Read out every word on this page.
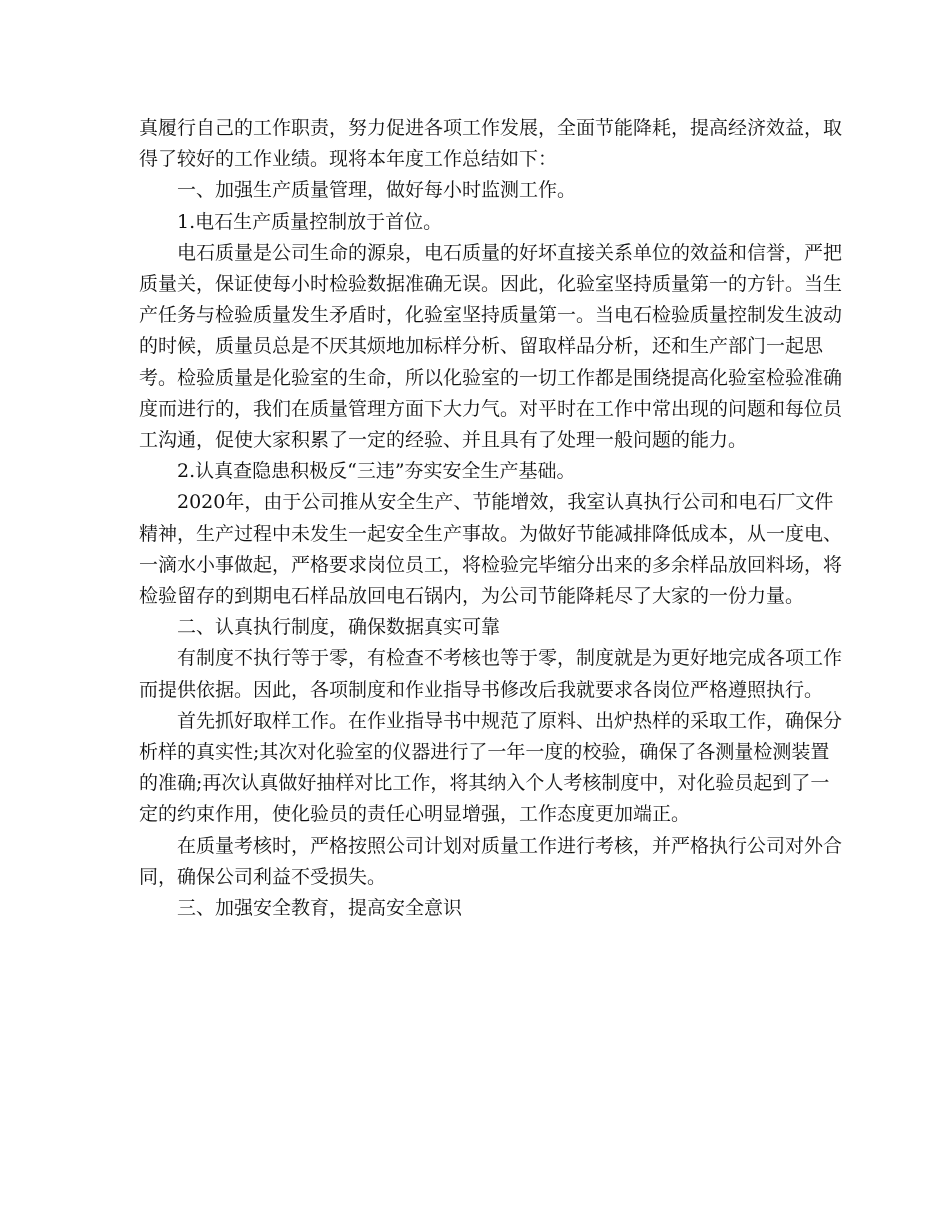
真履行自己的工作职责，努力促进各项工作发展，全面节能降耗，提高经济效益，取得了较好的工作业绩。现将本年度工作总结如下：

一、加强生产质量管理，做好每小时监测工作。

1.电石生产质量控制放于首位。

电石质量是公司生命的源泉，电石质量的好坏直接关系单位的效益和信誉，严把质量关，保证使每小时检验数据准确无误。因此，化验室坚持质量第一的方针。当生产任务与检验质量发生矛盾时，化验室坚持质量第一。当电石检验质量控制发生波动的时候，质量员总是不厌其烦地加标样分析、留取样品分析，还和生产部门一起思考。检验质量是化验室的生命，所以化验室的一切工作都是围绕提高化验室检验准确度而进行的，我们在质量管理方面下大力气。对平时在工作中常出现的问题和每位员工沟通，促使大家积累了一定的经验、并且具有了处理一般问题的能力。

2.认真查隐患积极反“三违”夯实安全生产基础。

2020年，由于公司推从安全生产、节能增效，我室认真执行公司和电石厂文件精神，生产过程中未发生一起安全生产事故。为做好节能减排降低成本，从一度电、一滴水小事做起，严格要求岗位员工，将检验完毕缩分出来的多余样品放回料场，将检验留存的到期电石样品放回电石锅内，为公司节能降耗尽了大家的一份力量。

二、认真执行制度，确保数据真实可靠

有制度不执行等于零，有检查不考核也等于零，制度就是为更好地完成各项工作而提供依据。因此，各项制度和作业指导书修改后我就要求各岗位严格遵照执行。

首先抓好取样工作。在作业指导书中规范了原料、出炉热样的采取工作，确保分析样的真实性;其次对化验室的仪器进行了一年一度的校验，确保了各测量检测装置的准确;再次认真做好抽样对比工作，将其纳入个人考核制度中，对化验员起到了一定的约束作用，使化验员的责任心明显增强，工作态度更加端正。

在质量考核时，严格按照公司计划对质量工作进行考核，并严格执行公司对外合同，确保公司利益不受损失。

三、加强安全教育，提高安全意识
